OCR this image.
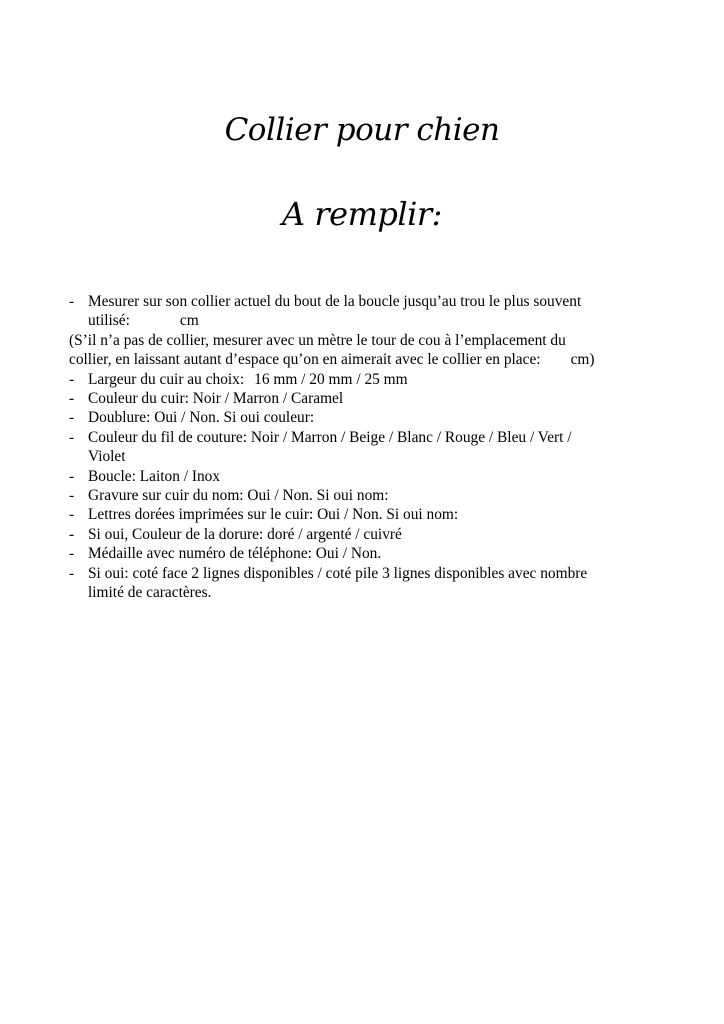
Collier pour chien
A remplir:
- Mesurer sur son collier actuel du bout de la boucle jusqu’au trou le plus souvent
utilisé:	cm
(S’il n’a pas de collier, mesurer avec un mètre le tour de cou à l’emplacement du
collier, en laissant autant d’espace qu’on en aimerait avec le collier en place: cm)
- Largeur du cuir au choix: 16 mm / 20 mm / 25 mm
- Couleur du cuir: Noir / Marron / Caramel
- Doublure: Oui / Non. Si oui couleur:
- Couleur du fil de couture: Noir / Marron / Beige / Blanc / Rouge / Bleu / Vert /
Violet
- Boucle: Laiton / Inox
- Gravure sur cuir du nom: Oui / Non. Si oui nom:
- Lettres dorées imprimées sur le cuir: Oui / Non. Si oui nom:
- Si oui, Couleur de la dorure: doré / argenté / cuivré
- Médaille avec numéro de téléphone: Oui / Non.
- Si oui: coté face 2 lignes disponibles / coté pile 3 lignes disponibles avec nombre
limité de caractères.
